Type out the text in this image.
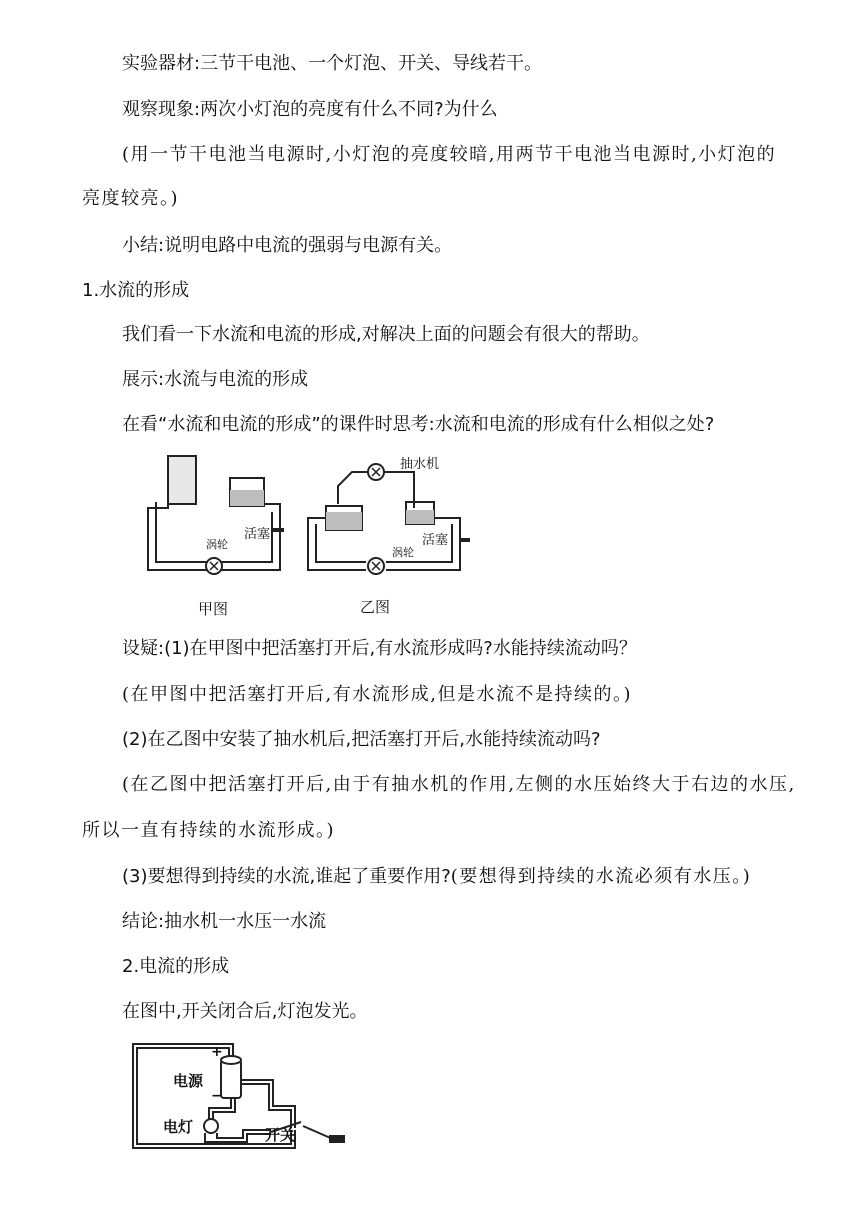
实验器材:三节干电池、一个灯泡、开关、导线若干。
观察现象:两次小灯泡的亮度有什么不同?为什么
(用一节干电池当电源时,小灯泡的亮度较暗,用两节干电池当电源时,小灯泡的
亮度较亮。)
小结:说明电路中电流的强弱与电源有关。
1.水流的形成
我们看一下水流和电流的形成,对解决上面的问题会有很大的帮助。
展示:水流与电流的形成
在看“水流和电流的形成”的课件时思考:水流和电流的形成有什么相似之处?
活塞
涡轮
甲图
抽水机
活塞
涡轮
乙图
设疑:(1)在甲图中把活塞打开后,有水流形成吗?水能持续流动吗？
(在甲图中把活塞打开后,有水流形成,但是水流不是持续的。)
(2)在乙图中安装了抽水机后,把活塞打开后,水能持续流动吗?
(在乙图中把活塞打开后,由于有抽水机的作用,左侧的水压始终大于右边的水压,
所以一直有持续的水流形成。)
(3)要想得到持续的水流,谁起了重要作用?(要想得到持续的水流必须有水压。)
结论:抽水机一水压一水流
2.电流的形成
在图中,开关闭合后,灯泡发光。
+
−
电源
电灯	开关
